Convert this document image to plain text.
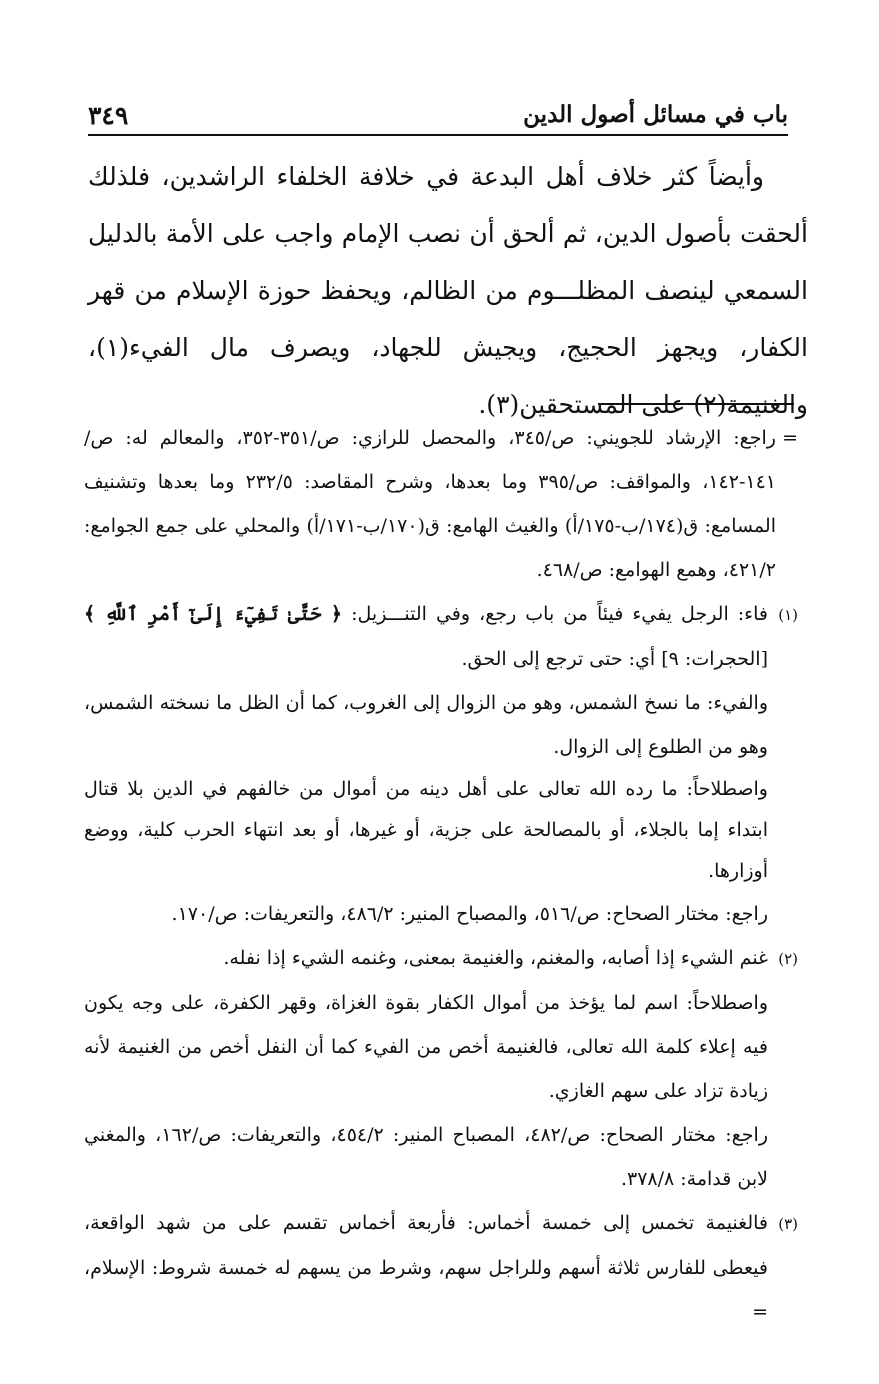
باب في مسائل أصول الدين
٣٤٩

وأيضاً كثر خلاف أهل البدعة في خلافة الخلفاء الراشدين، فلذلك ألحقت بأصول الدين، ثم ألحق أن نصب الإمام واجب على الأمة بالدليل السمعي لينصف المظلـــوم من الظالم، ويحفظ حوزة الإسلام من قهر الكفار، ويجهز الحجيج، ويجيش للجهاد، ويصرف مال الفيء(١)، والغنيمة(٢) على المستحقين(٣).

=راجع: الإرشاد للجويني: ص/٣٤٥، والمحصل للرازي: ص/٣٥١-٣٥٢، والمعالم له: ص/١٤١-١٤٢، والمواقف: ص/٣٩٥ وما بعدها، وشرح المقاصد: ٢٣٢/٥ وما بعدها وتشنيف المسامع: ق(١٧٤/ب-١٧٥/أ) والغيث الهامع: ق(١٧٠/ب-١٧١/أ) والمحلي على جمع الجوامع: ٤٢١/٢، وهمع الهوامع: ص/٤٦٨.

(١)فاء: الرجل يفيء فيئاً من باب رجع، وفي التنـــزيل: ﴿ حَتَّىٰ تَفِيٓءَ إِلَىٰٓ أَمْرِ ٱللَّهِ ﴾ [الحجرات: ٩] أي: حتى ترجع إلى الحق.

والفيء: ما نسخ الشمس، وهو من الزوال إلى الغروب، كما أن الظل ما نسخته الشمس، وهو من الطلوع إلى الزوال.

واصطلاحاً: ما رده الله تعالى على أهل دينه من أموال من خالفهم في الدين بلا قتال ابتداء إما بالجلاء، أو بالمصالحة على جزية، أو غيرها، أو بعد انتهاء الحرب كلية، ووضع أوزارها.

راجع: مختار الصحاح: ص/٥١٦، والمصباح المنير: ٤٨٦/٢، والتعريفات: ص/١٧٠.

(٢)غنم الشيء إذا أصابه، والمغنم، والغنيمة بمعنى، وغنمه الشيء إذا نفله.

واصطلاحاً: اسم لما يؤخذ من أموال الكفار بقوة الغزاة، وقهر الكفرة، على وجه يكون فيه إعلاء كلمة الله تعالى، فالغنيمة أخص من الفيء كما أن النفل أخص من الغنيمة لأنه زيادة تزاد على سهم الغازي.

راجع: مختار الصحاح: ص/٤٨٢، المصباح المنير: ٤٥٤/٢، والتعريفات: ص/١٦٢، والمغني لابن قدامة: ٣٧٨/٨.

(٣)فالغنيمة تخمس إلى خمسة أخماس: فأربعة أخماس تقسم على من شهد الواقعة، فيعطى للفارس ثلاثة أسهم وللراجل سهم، وشرط من يسهم له خمسة شروط: الإسلام، =
